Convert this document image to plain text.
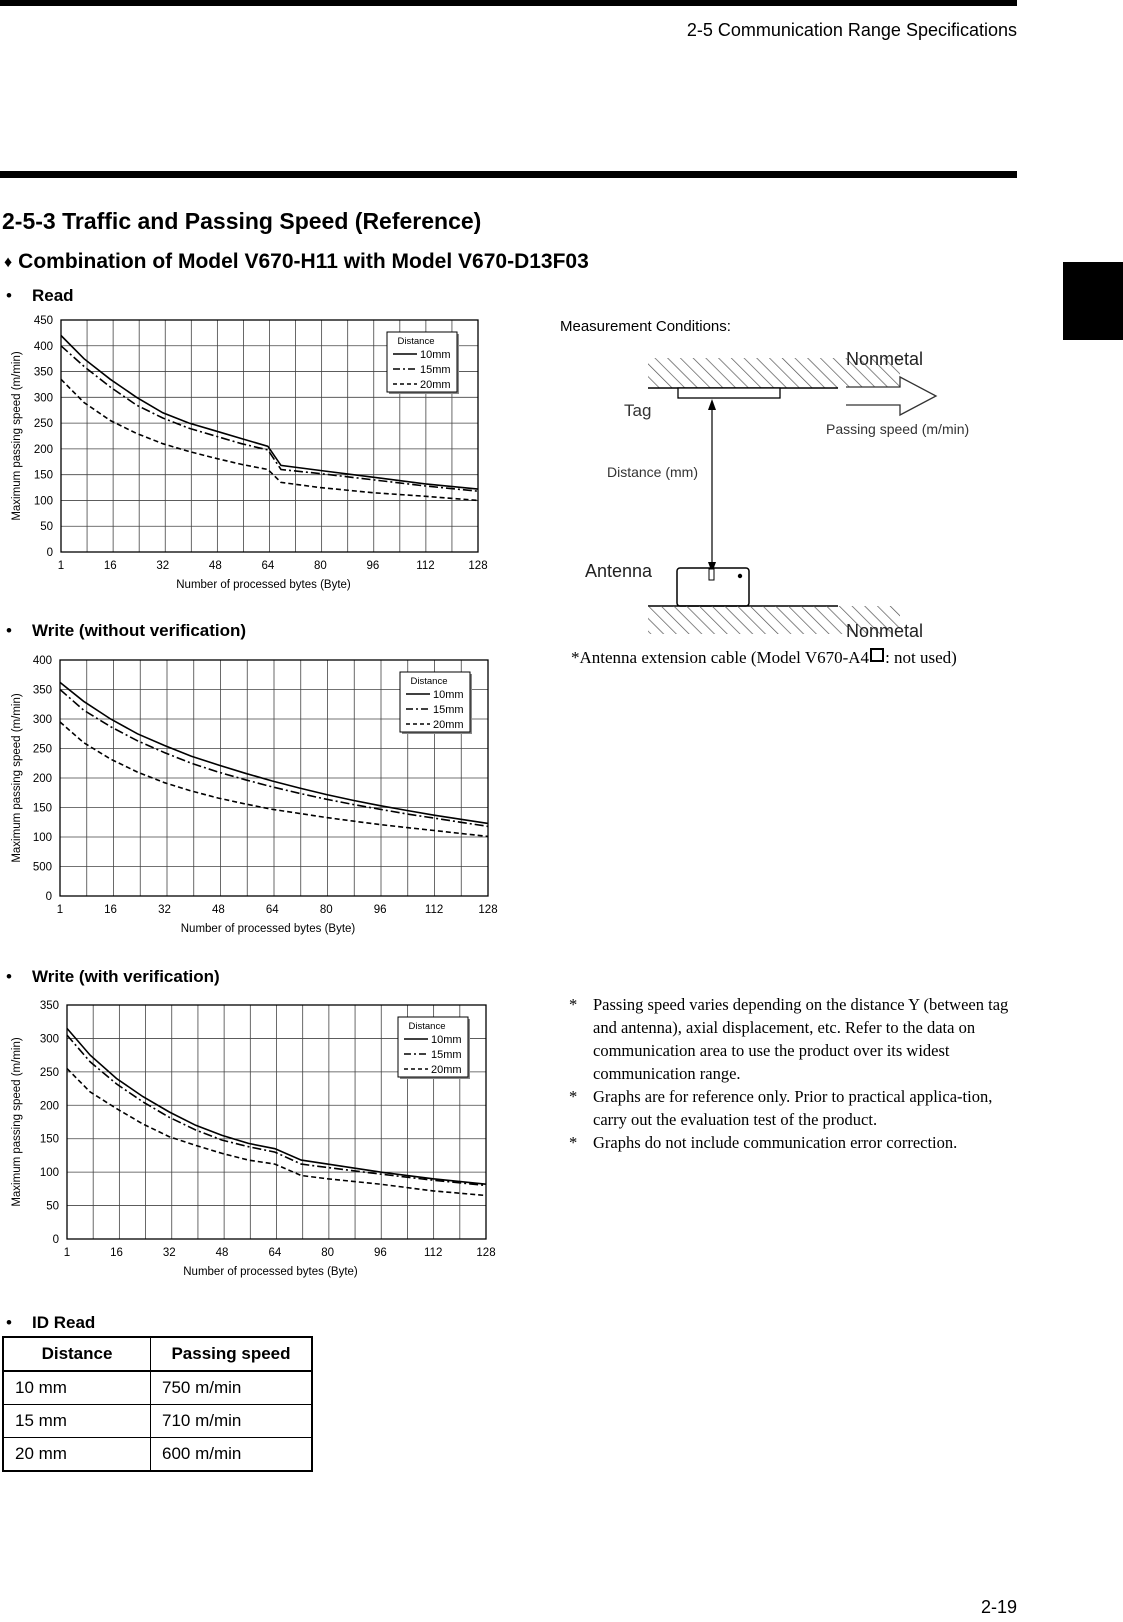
2-5 Communication Range Specifications
2-5-3 Traffic and Passing Speed (Reference)
♦ Combination of Model V670-H11 with Model V670-D13F03
• Read
• Write (without verification)
• Write (with verification)
• ID Read
0
50
100
150
200
250
300
350
400
450
1	16	32	48	64	80	96	112	128
Number of processed bytes (Byte)
Maximum passing speed (m/min)
Distance
10mm
15mm
20mm
0
500
100
150
200
250
300
350
400
1	16	32	48	64	80	96	112	128
Number of processed bytes (Byte)
Maximum passing speed (m/min)
Distance
10mm
15mm
20mm
0
50
100
150
200
250
300
350
1	16	32	48	64	80	96	112	128
Number of processed bytes (Byte)
Maximum passing speed (m/min)
Distance
10mm
15mm
20mm
Measurement Conditions:
Nonmetal
Tag
Passing speed (m/min)
Distance (mm)
Antenna
Nonmetal
*Antenna extension cable (Model V670-A4 : not used)
* Passing speed varies depending on the distance Y (between tag and antenna), axial displacement, etc. Refer to the data on communication area to use the product over its widest communication range.
* Graphs are for reference only. Prior to practical applica-tion, carry out the evaluation test of the product.
* Graphs do not include communication error correction.
Distance	Passing speed
10 mm	750 m/min
15 mm	710 m/min
20 mm	600 m/min
2-19
